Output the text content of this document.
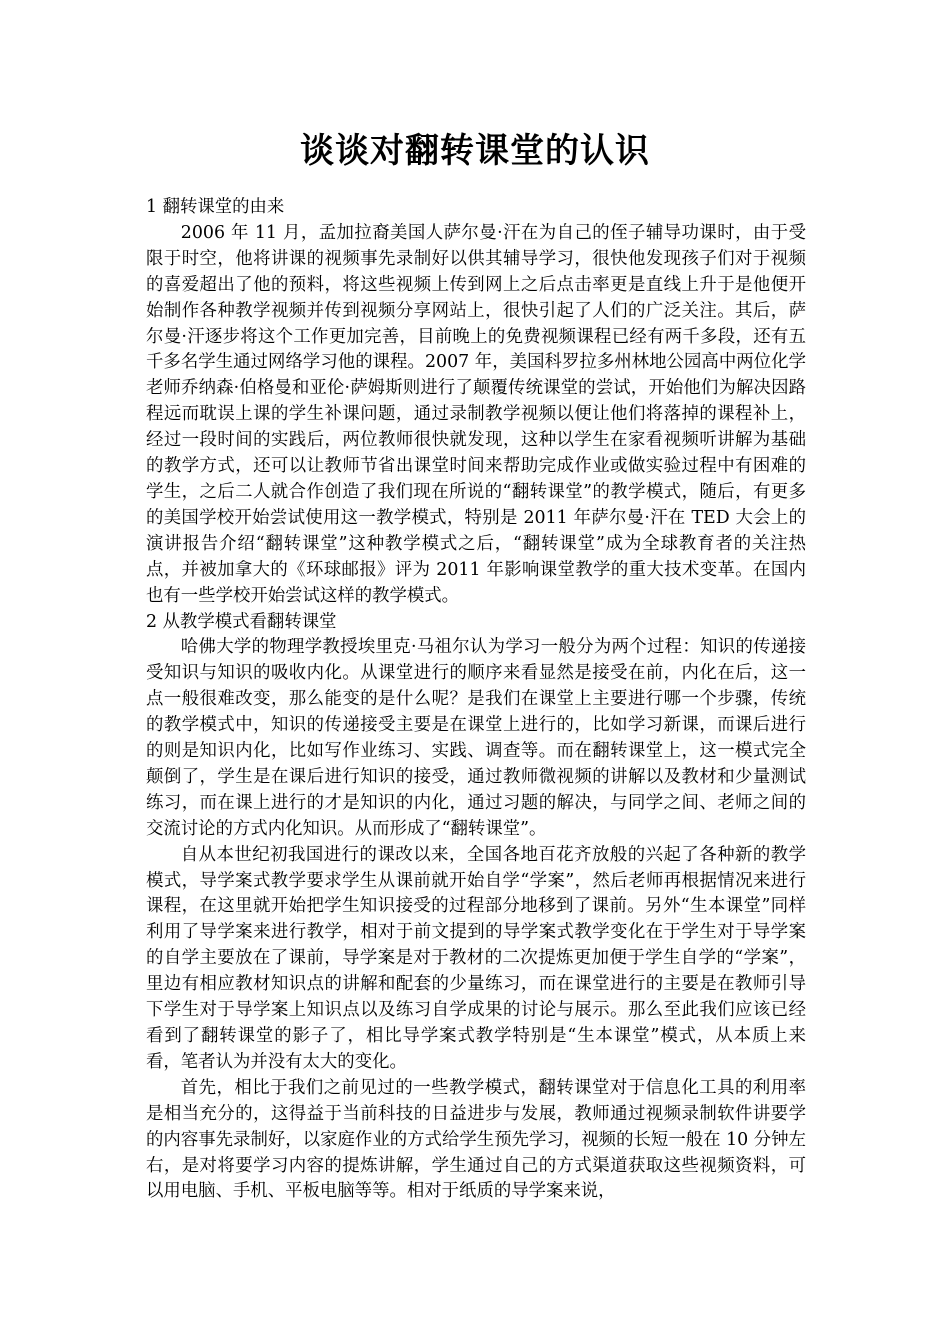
谈谈对翻转课堂的认识

1 翻转课堂的由来

2006 年 11 月，孟加拉裔美国人萨尔曼·汗在为自己的侄子辅导功课时，由于受限于时空，他将讲课的视频事先录制好以供其辅导学习，很快他发现孩子们对于视频的喜爱超出了他的预料，将这些视频上传到网上之后点击率更是直线上升于是他便开始制作各种教学视频并传到视频分享网站上，很快引起了人们的广泛关注。其后，萨尔曼·汗逐步将这个工作更加完善，目前晚上的免费视频课程已经有两千多段，还有五千多名学生通过网络学习他的课程。2007 年，美国科罗拉多州林地公园高中两位化学老师乔纳森·伯格曼和亚伦·萨姆斯则进行了颠覆传统课堂的尝试，开始他们为解决因路程远而耽误上课的学生补课问题，通过录制教学视频以便让他们将落掉的课程补上，经过一段时间的实践后，两位教师很快就发现，这种以学生在家看视频听讲解为基础的教学方式，还可以让教师节省出课堂时间来帮助完成作业或做实验过程中有困难的学生，之后二人就合作创造了我们现在所说的“翻转课堂”的教学模式，随后，有更多的美国学校开始尝试使用这一教学模式，特别是 2011 年萨尔曼·汗在 TED 大会上的演讲报告介绍“翻转课堂”这种教学模式之后，“翻转课堂”成为全球教育者的关注热点，并被加拿大的《环球邮报》评为 2011 年影响课堂教学的重大技术变革。在国内也有一些学校开始尝试这样的教学模式。

2 从教学模式看翻转课堂

哈佛大学的物理学教授埃里克·马祖尔认为学习一般分为两个过程：知识的传递接受知识与知识的吸收内化。从课堂进行的顺序来看显然是接受在前，内化在后，这一点一般很难改变，那么能变的是什么呢？是我们在课堂上主要进行哪一个步骤，传统的教学模式中，知识的传递接受主要是在课堂上进行的，比如学习新课，而课后进行的则是知识内化，比如写作业练习、实践、调查等。而在翻转课堂上，这一模式完全颠倒了，学生是在课后进行知识的接受，通过教师微视频的讲解以及教材和少量测试练习，而在课上进行的才是知识的内化，通过习题的解决，与同学之间、老师之间的交流讨论的方式内化知识。从而形成了“翻转课堂”。

自从本世纪初我国进行的课改以来，全国各地百花齐放般的兴起了各种新的教学模式，导学案式教学要求学生从课前就开始自学“学案”，然后老师再根据情况来进行课程，在这里就开始把学生知识接受的过程部分地移到了课前。另外“生本课堂”同样利用了导学案来进行教学，相对于前文提到的导学案式教学变化在于学生对于导学案的自学主要放在了课前，导学案是对于教材的二次提炼更加便于学生自学的“学案”，里边有相应教材知识点的讲解和配套的少量练习，而在课堂进行的主要是在教师引导下学生对于导学案上知识点以及练习自学成果的讨论与展示。那么至此我们应该已经看到了翻转课堂的影子了，相比导学案式教学特别是“生本课堂”模式，从本质上来看，笔者认为并没有太大的变化。

首先，相比于我们之前见过的一些教学模式，翻转课堂对于信息化工具的利用率是相当充分的，这得益于当前科技的日益进步与发展，教师通过视频录制软件讲要学的内容事先录制好，以家庭作业的方式给学生预先学习，视频的长短一般在 10 分钟左右，是对将要学习内容的提炼讲解，学生通过自己的方式渠道获取这些视频资料，可以用电脑、手机、平板电脑等等。相对于纸质的导学案来说，
